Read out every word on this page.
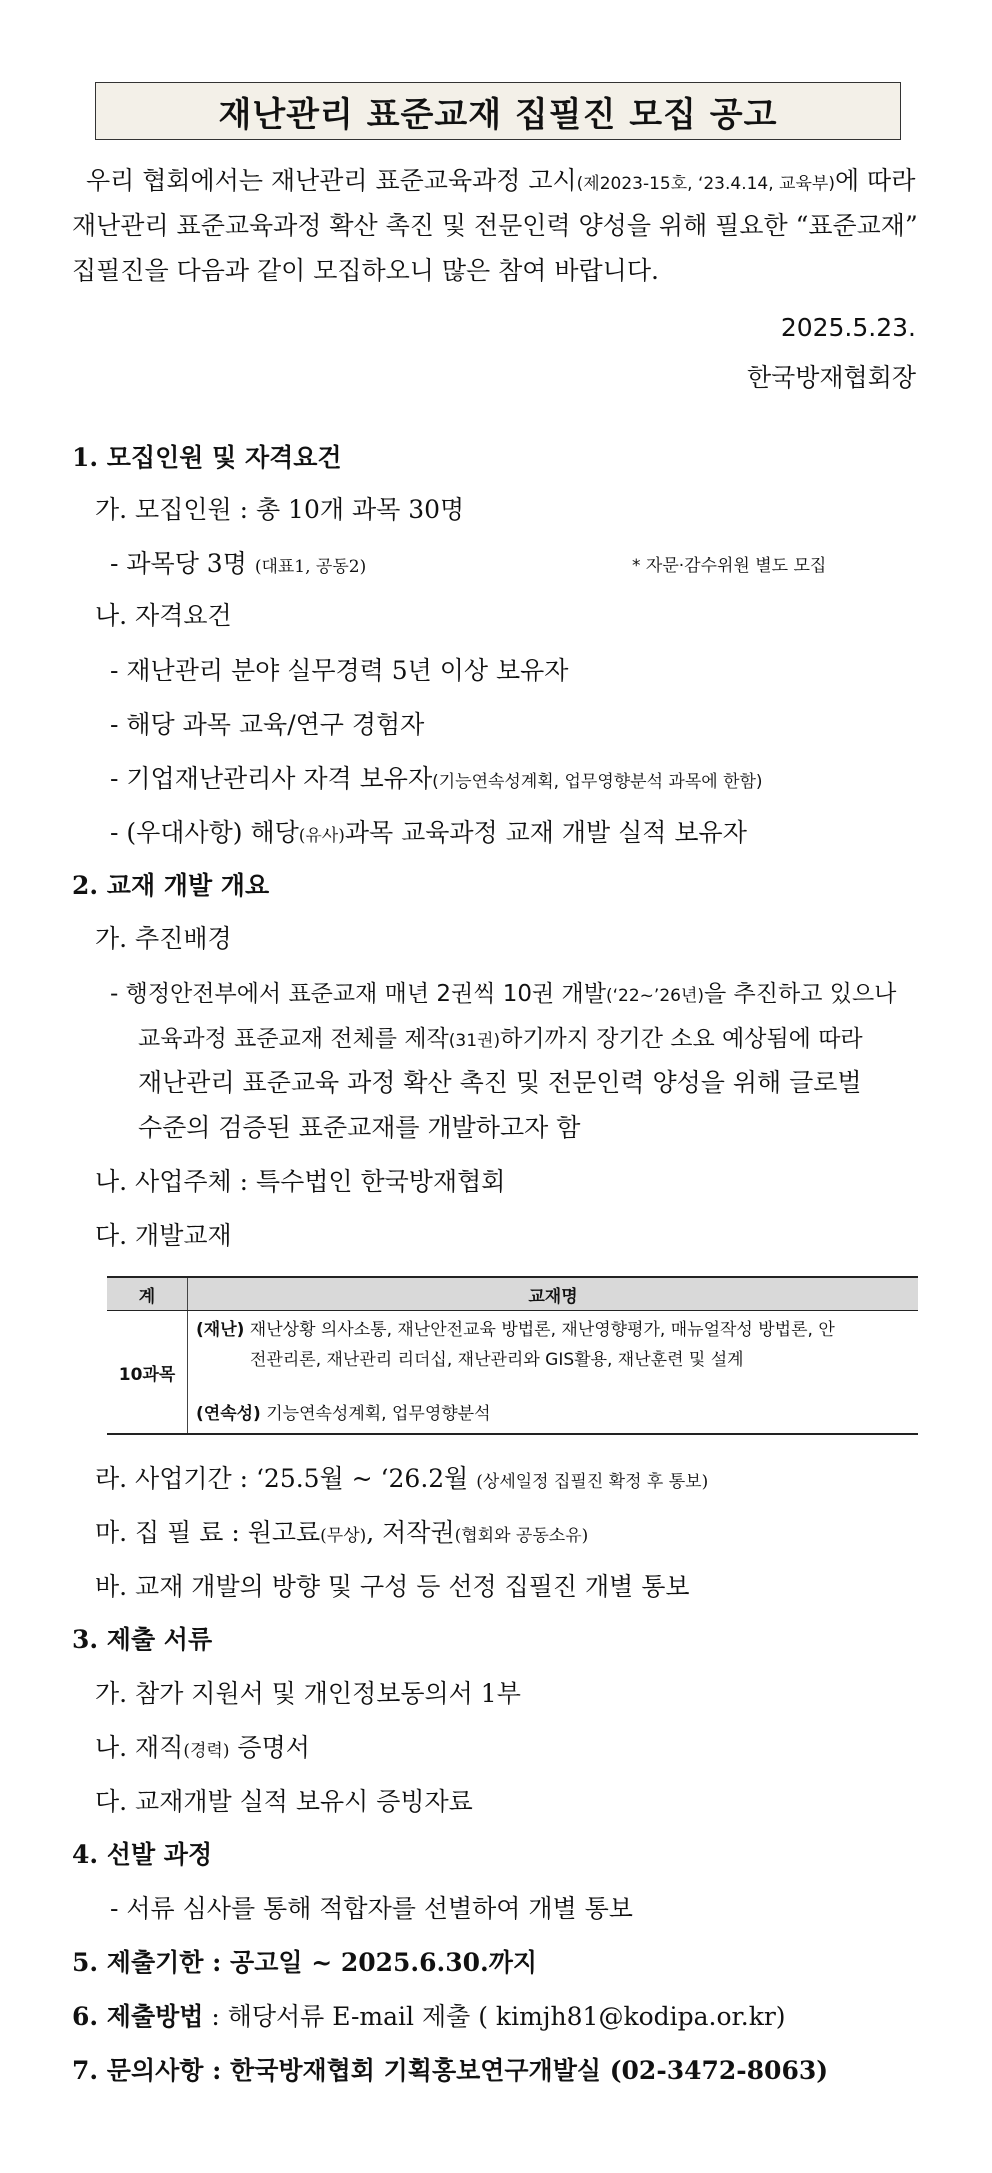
재난관리 표준교재 집필진 모집 공고
우리 협회에서는 재난관리 표준교육과정 고시(제2023-15호, ‘23.4.14, 교육부)에 따라
재난관리 표준교육과정 확산 촉진 및 전문인력 양성을 위해 필요한 “표준교재”
집필진을 다음과 같이 모집하오니 많은 참여 바랍니다.
2025.5.23.
한국방재협회장
1. 모집인원 및 자격요건
가. 모집인원 : 총 10개 과목 30명
- 과목당 3명 (대표1, 공동2)	* 자문·감수위원 별도 모집
나. 자격요건
- 재난관리 분야 실무경력 5년 이상 보유자
- 해당 과목 교육/연구 경험자
- 기업재난관리사 자격 보유자(기능연속성계획, 업무영향분석 과목에 한함)
- (우대사항) 해당(유사)과목 교육과정 교재 개발 실적 보유자
2. 교재 개발 개요
가. 추진배경
- 행정안전부에서 표준교재 매년 2권씩 10권 개발(‘22~’26년)을 추진하고 있으나
교육과정 표준교재 전체를 제작(31권)하기까지 장기간 소요 예상됨에 따라
재난관리 표준교육 과정 확산 촉진 및 전문인력 양성을 위해 글로벌
수준의 검증된 표준교재를 개발하고자 함
나. 사업주체 : 특수법인 한국방재협회
다. 개발교재
계	교재명
10과목	(재난) 재난상황 의사소통, 재난안전교육 방법론, 재난영향평가, 매뉴얼작성 방법론, 안
전관리론, 재난관리 리더십, 재난관리와 GIS활용, 재난훈련 및 설계
(연속성) 기능연속성계획, 업무영향분석
라. 사업기간 : ‘25.5월 ~ ‘26.2월 (상세일정 집필진 확정 후 통보)
마. 집 필 료 : 원고료(무상), 저작권(협회와 공동소유)
바. 교재 개발의 방향 및 구성 등 선정 집필진 개별 통보
3. 제출 서류
가. 참가 지원서 및 개인정보동의서 1부
나. 재직(경력) 증명서
다. 교재개발 실적 보유시 증빙자료
4. 선발 과정
- 서류 심사를 통해 적합자를 선별하여 개별 통보
5. 제출기한 : 공고일 ~ 2025.6.30.까지
6. 제출방법 : 해당서류 E-mail 제출 ( kimjh81@kodipa.or.kr)
7. 문의사항 : 한국방재협회 기획홍보연구개발실 (02-3472-8063)
